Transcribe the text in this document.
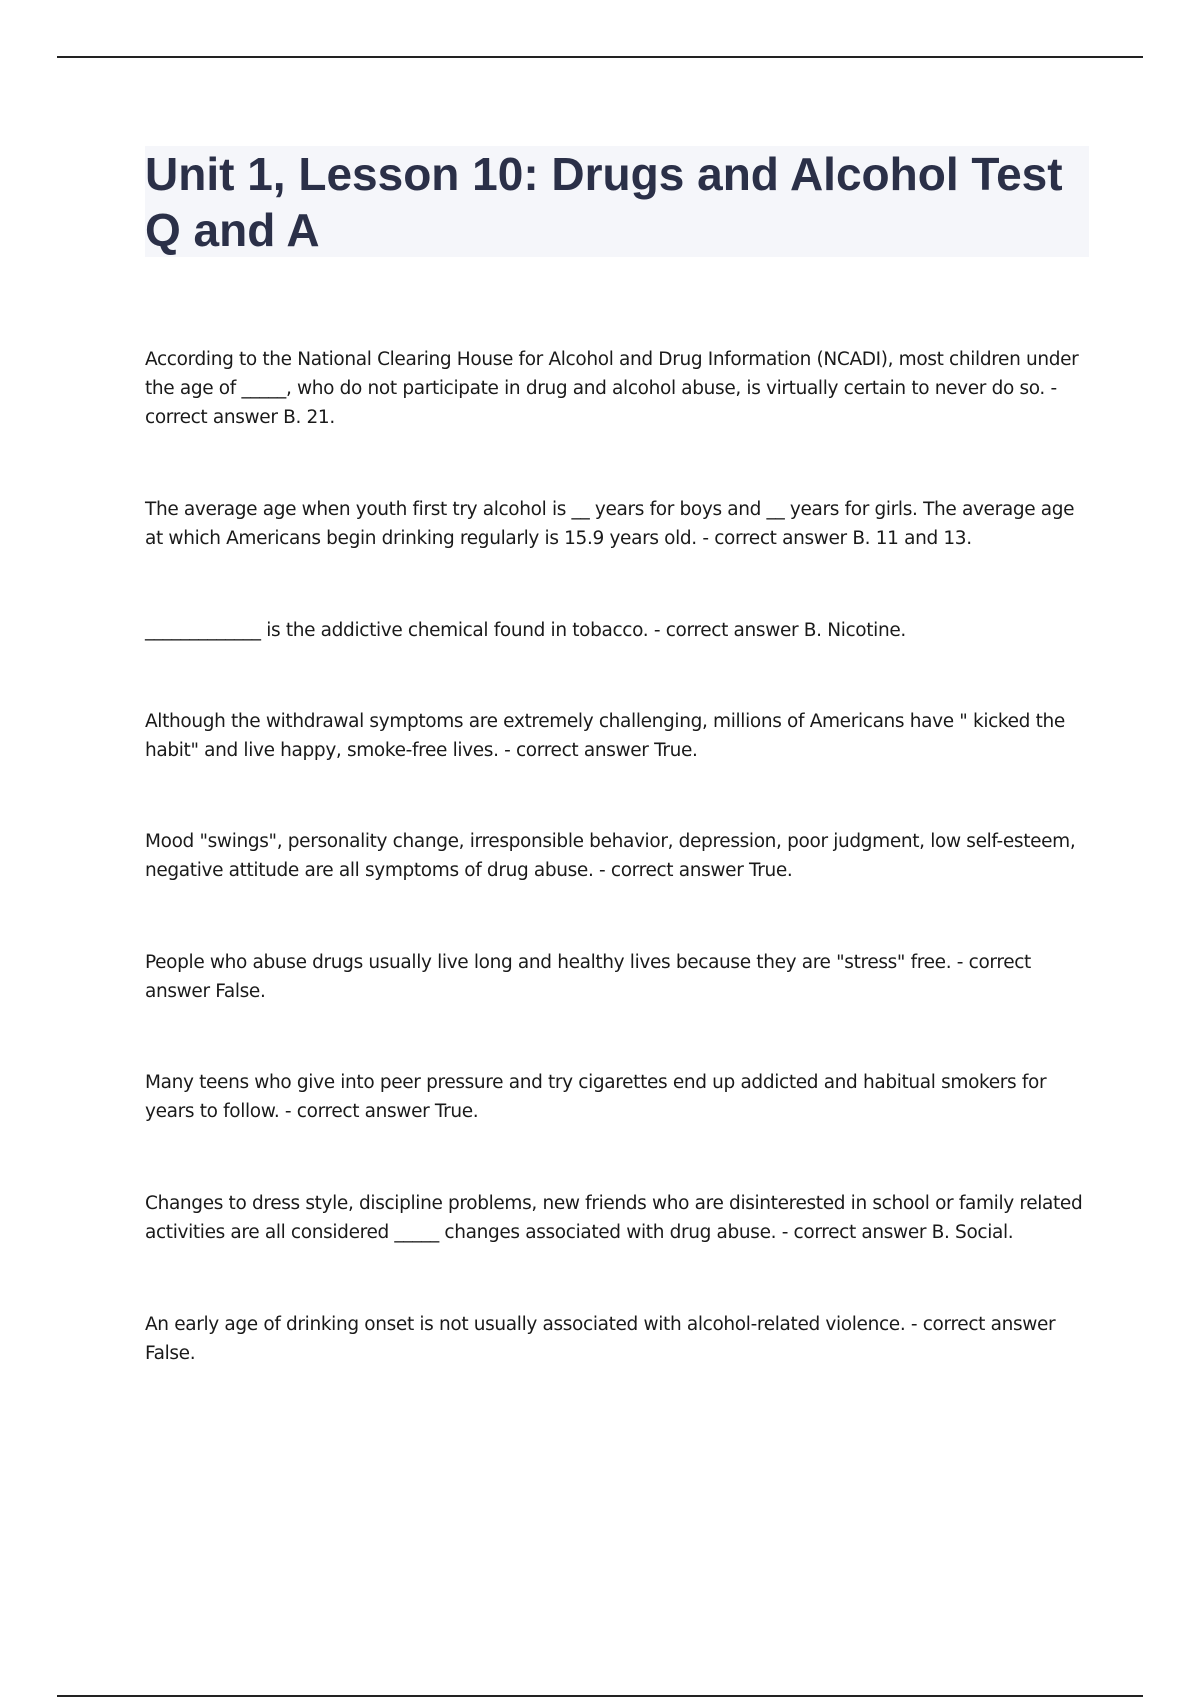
Unit 1, Lesson 10: Drugs and Alcohol Test Q and A
According to the National Clearing House for Alcohol and Drug Information (NCADI), most children under the age of _____, who do not participate in drug and alcohol abuse, is virtually certain to never do so. - correct answer B. 21.
The average age when youth first try alcohol is __ years for boys and __ years for girls. The average age at which Americans begin drinking regularly is 15.9 years old. - correct answer B. 11 and 13.
_____________ is the addictive chemical found in tobacco. - correct answer B. Nicotine.
Although the withdrawal symptoms are extremely challenging, millions of Americans have " kicked the habit" and live happy, smoke-free lives. - correct answer True.
Mood "swings", personality change, irresponsible behavior, depression, poor judgment, low self-esteem, negative attitude are all symptoms of drug abuse. - correct answer True.
People who abuse drugs usually live long and healthy lives because they are "stress" free. - correct answer False.
Many teens who give into peer pressure and try cigarettes end up addicted and habitual smokers for years to follow. - correct answer True.
Changes to dress style, discipline problems, new friends who are disinterested in school or family related activities are all considered _____ changes associated with drug abuse. - correct answer B. Social.
An early age of drinking onset is not usually associated with alcohol-related violence. - correct answer False.
